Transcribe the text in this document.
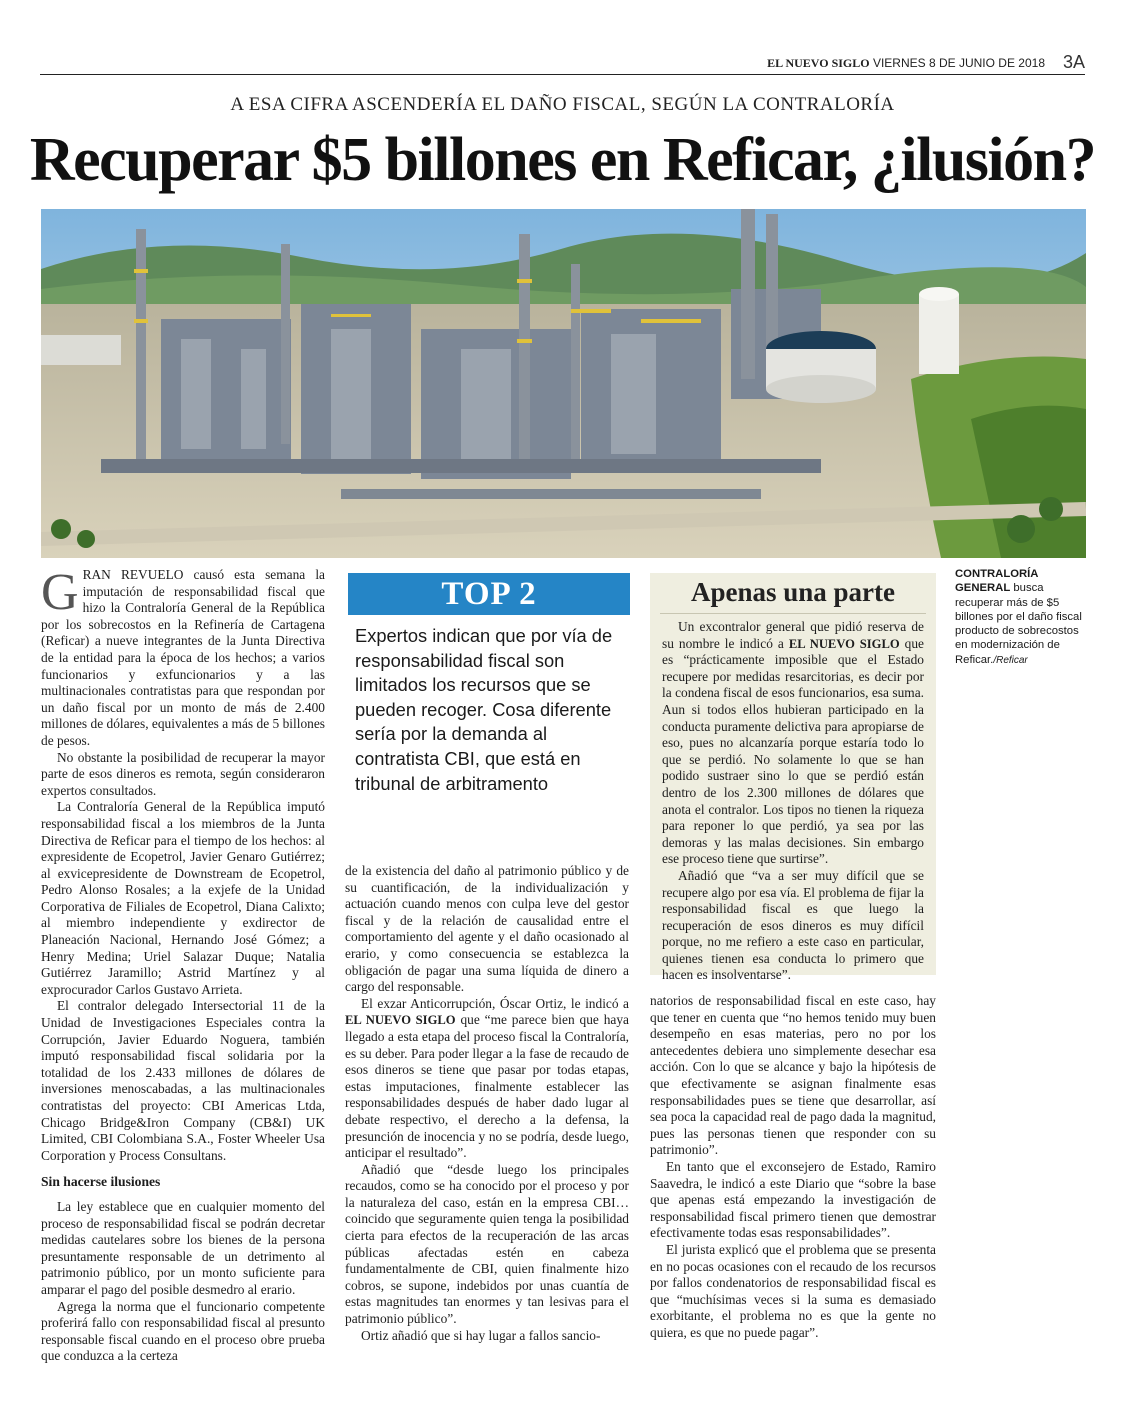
EL NUEVO SIGLO VIERNES 8 DE JUNIO DE 2018 3A
A ESA CIFRA ASCENDERÍA EL DAÑO FISCAL, SEGÚN LA CONTRALORÍA
Recuperar $5 billones en Reficar, ¿ilusión?

GRAN REVUELO causó esta semana la imputación de responsabilidad fiscal que hizo la Contraloría General de la República por los sobrecostos en la Refinería de Cartagena (Reficar) a nueve integrantes de la Junta Directiva de la entidad para la época de los hechos; a varios funcionarios y exfuncionarios y a las multinacionales contratistas para que respondan por un daño fiscal por un monto de más de 2.400 millones de dólares, equivalentes a más de 5 billones de pesos.

No obstante la posibilidad de recuperar la mayor parte de esos dineros es remota, según consideraron expertos consultados.

La Contraloría General de la República imputó responsabilidad fiscal a los miembros de la Junta Directiva de Reficar para el tiempo de los hechos: al expresidente de Ecopetrol, Javier Genaro Gutiérrez; al exvicepresidente de Downstream de Ecopetrol, Pedro Alonso Rosales; a la exjefe de la Unidad Corporativa de Filiales de Ecopetrol, Diana Calixto; al miembro independiente y exdirector de Planeación Nacional, Hernando José Gómez; a Henry Medina; Uriel Salazar Duque; Natalia Gutiérrez Jaramillo; Astrid Martínez y al exprocurador Carlos Gustavo Arrieta.

El contralor delegado Intersectorial 11 de la Unidad de Investigaciones Especiales contra la Corrupción, Javier Eduardo Noguera, también imputó responsabilidad fiscal solidaria por la totalidad de los 2.433 millones de dólares de inversiones menoscabadas, a las multinacionales contratistas del proyecto: CBI Americas Ltda, Chicago Bridge&Iron Company (CB&I) UK Limited, CBI Colombiana S.A., Foster Wheeler Usa Corporation y Process Consultans.

Sin hacerse ilusiones

La ley establece que en cualquier momento del proceso de responsabilidad fiscal se podrán decretar medidas cautelares sobre los bienes de la persona presuntamente responsable de un detrimento al patrimonio público, por un monto suficiente para amparar el pago del posible desmedro al erario.

Agrega la norma que el funcionario competente proferirá fallo con responsabilidad fiscal al presunto responsable fiscal cuando en el proceso obre prueba que conduzca a la certeza

TOP 2
Expertos indican que por vía de responsabilidad fiscal son limitados los recursos que se pueden recoger. Cosa diferente sería por la demanda al contratista CBI, que está en tribunal de arbitramento

de la existencia del daño al patrimonio público y de su cuantificación, de la individualización y actuación cuando menos con culpa leve del gestor fiscal y de la relación de causalidad entre el comportamiento del agente y el daño ocasionado al erario, y como consecuencia se establezca la obligación de pagar una suma líquida de dinero a cargo del responsable.

El exzar Anticorrupción, Óscar Ortiz, le indicó a EL NUEVO SIGLO que “me parece bien que haya llegado a esta etapa del proceso fiscal la Contraloría, es su deber. Para poder llegar a la fase de recaudo de esos dineros se tiene que pasar por todas etapas, estas imputaciones, finalmente establecer las responsabilidades después de haber dado lugar al debate respectivo, el derecho a la defensa, la presunción de inocencia y no se podría, desde luego, anticipar el resultado”.

Añadió que “desde luego los principales recaudos, como se ha conocido por el proceso y por la naturaleza del caso, están en la empresa CBI…coincido que seguramente quien tenga la posibilidad cierta para efectos de la recuperación de las arcas públicas afectadas estén en cabeza fundamentalmente de CBI, quien finalmente hizo cobros, se supone, indebidos por unas cuantía de estas magnitudes tan enormes y tan lesivas para el patrimonio público”.

Ortiz añadió que si hay lugar a fallos sancio-

Apenas una parte

Un excontralor general que pidió reserva de su nombre le indicó a EL NUEVO SIGLO que es “prácticamente imposible que el Estado recupere por medidas resarcitorias, es decir por la condena fiscal de esos funcionarios, esa suma. Aun si todos ellos hubieran participado en la conducta puramente delictiva para apropiarse de eso, pues no alcanzaría porque estaría todo lo que se perdió. No solamente lo que se han podido sustraer sino lo que se perdió están dentro de los 2.300 millones de dólares que anota el contralor. Los tipos no tienen la riqueza para reponer lo que perdió, ya sea por las demoras y las malas decisiones. Sin embargo ese proceso tiene que surtirse”.

Añadió que “va a ser muy difícil que se recupere algo por esa vía. El problema de fijar la responsabilidad fiscal es que luego la recuperación de esos dineros es muy difícil porque, no me refiero a este caso en particular, quienes tienen esa conducta lo primero que hacen es insolventarse”.

natorios de responsabilidad fiscal en este caso, hay que tener en cuenta que “no hemos tenido muy buen desempeño en esas materias, pero no por los antecedentes debiera uno simplemente desechar esa acción. Con lo que se alcance y bajo la hipótesis de que efectivamente se asignan finalmente esas responsabilidades pues se tiene que desarrollar, así sea poca la capacidad real de pago dada la magnitud, pues las personas tienen que responder con su patrimonio”.

En tanto que el exconsejero de Estado, Ramiro Saavedra, le indicó a este Diario que “sobre la base que apenas está empezando la investigación de responsabilidad fiscal primero tienen que demostrar efectivamente todas esas responsabilidades”.

El jurista explicó que el problema que se presenta en no pocas ocasiones con el recaudo de los recursos por fallos condenatorios de responsabilidad fiscal es que “muchísimas veces si la suma es demasiado exorbitante, el problema no es que la gente no quiera, es que no puede pagar”.

CONTRALORÍA
GENERAL busca recuperar más de $5 billones por el daño fiscal producto de sobrecostos en modernización de Reficar./Reficar
